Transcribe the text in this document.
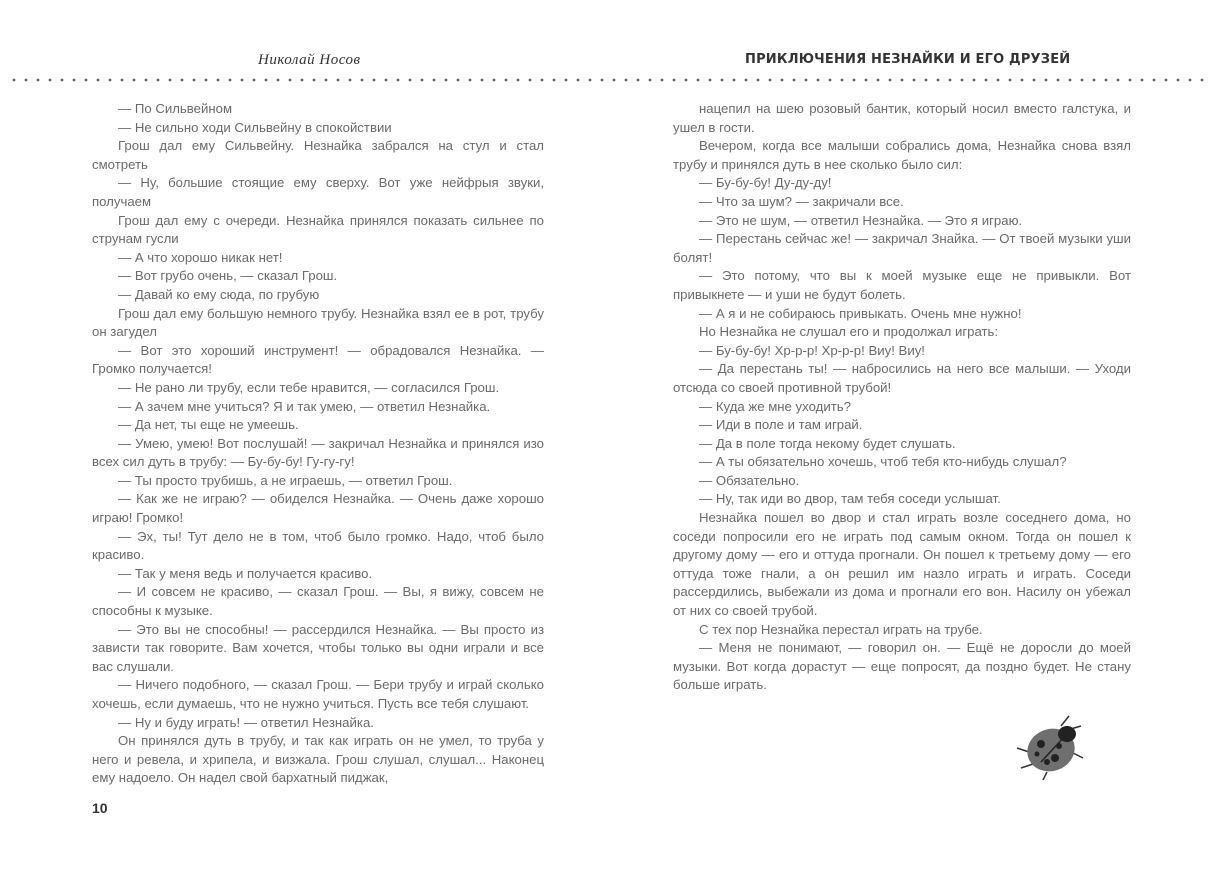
Николай Носов

— По Сильвейном

— Не сильно ходи Сильвейну в спокойствии

Грош дал ему Сильвейну. Незнайка забрался на стул и стал смотреть

— Ну, большие стоящие ему сверху. Вот уже нейфрыя звуки, получаем

Грош дал ему с очереди. Незнайка принялся показать сильнее по струнам гусли

— А что хорошо никак нет!

— Вот грубо очень, — сказал Грош.

— Давай ко ему сюда, по грубую

Грош дал ему большую немного трубу. Незнайка взял ее в рот, трубу он загудел

— Вот это хороший инструмент! — обрадовался Незнайка. — Громко получается!

— Не рано ли трубу, если тебе нравится, — согласился Грош.

— А зачем мне учиться? Я и так умею, — ответил Незнайка.

— Да нет, ты еще не умеешь.

— Умею, умею! Вот послушай! — закричал Незнайка и принялся изо всех сил дуть в трубу: — Бу-бу-бу! Гу-гу-гу!

— Ты просто трубишь, а не играешь, — ответил Грош.

— Как же не играю? — обиделся Незнайка. — Очень даже хорошо играю! Громко!

— Эх, ты! Тут дело не в том, чтоб было громко. Надо, чтоб было красиво.

— Так у меня ведь и получается красиво.

— И совсем не красиво, — сказал Грош. — Вы, я вижу, совсем не способны к музыке.

— Это вы не способны! — рассердился Незнайка. — Вы просто из зависти так говорите. Вам хочется, чтобы только вы одни играли и все вас слушали.

— Ничего подобного, — сказал Грош. — Бери трубу и играй сколько хочешь, если думаешь, что не нужно учиться. Пусть все тебя слушают.

— Ну и буду играть! — ответил Незнайка.

Он принялся дуть в трубу, и так как играть он не умел, то труба у него и ревела, и хрипела, и визжала. Грош слушал, слушал... Наконец ему надоело. Он надел свой бархатный пиджак,

10
ПРИКЛЮЧЕНИЯ НЕЗНАЙКИ И ЕГО ДРУЗЕЙ

нацепил на шею розовый бантик, который носил вместо галстука, и ушел в гости.

Вечером, когда все малыши собрались дома, Незнайка снова взял трубу и принялся дуть в нее сколько было сил:

— Бу-бу-бу! Ду-ду-ду!

— Что за шум? — закричали все.

— Это не шум, — ответил Незнайка. — Это я играю.

— Перестань сейчас же! — закричал Знайка. — От твоей музыки уши болят!

— Это потому, что вы к моей музыке еще не привыкли. Вот привыкнете — и уши не будут болеть.

— А я и не собираюсь привыкать. Очень мне нужно!

Но Незнайка не слушал его и продолжал играть:

— Бу-бу-бу! Хр-р-р! Хр-р-р! Виу! Виу!

— Да перестань ты! — набросились на него все малыши. — Уходи отсюда со своей противной трубой!

— Куда же мне уходить?

— Иди в поле и там играй.

— Да в поле тогда некому будет слушать.

— А ты обязательно хочешь, чтоб тебя кто-нибудь слушал?

— Обязательно.

— Ну, так иди во двор, там тебя соседи услышат.

Незнайка пошел во двор и стал играть возле соседнего дома, но соседи попросили его не играть под самым окном. Тогда он пошел к другому дому — его и оттуда прогнали. Он пошел к третьему дому — его оттуда тоже гнали, а он решил им назло играть и играть. Соседи рассердились, выбежали из дома и прогнали его вон. Насилу он убежал от них со своей трубой.

С тех пор Незнайка перестал играть на трубе.

— Меня не понимают, — говорил он. — Ещё не доросли до моей музыки. Вот когда дорастут — еще попросят, да поздно будет. Не стану больше играть.
